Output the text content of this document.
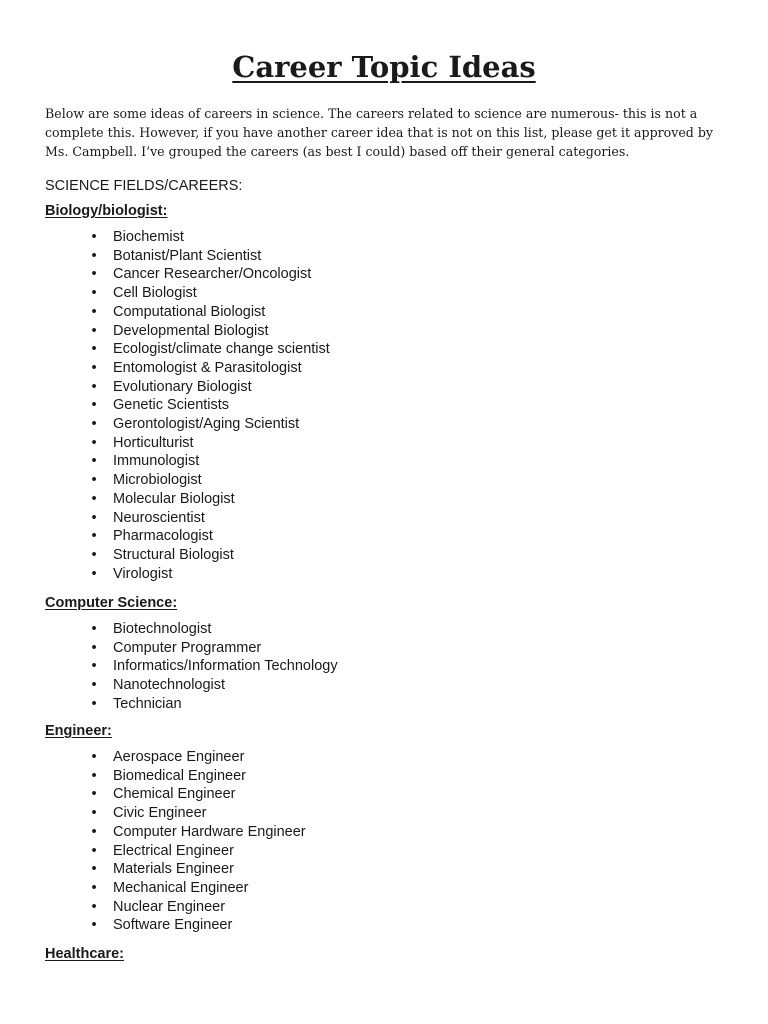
Career Topic Ideas

Below are some ideas of careers in science. The careers related to science are numerous- this is not a
complete this. However, if you have another career idea that is not on this list, please get it approved by
Ms. Campbell. I’ve grouped the careers (as best I could) based off their general categories.

SCIENCE FIELDS/CAREERS:

Biology/biologist:

• Biochemist
• Botanist/Plant Scientist
• Cancer Researcher/Oncologist
• Cell Biologist
• Computational Biologist
• Developmental Biologist
• Ecologist/climate change scientist
• Entomologist & Parasitologist
• Evolutionary Biologist
• Genetic Scientists
• Gerontologist/Aging Scientist
• Horticulturist
• Immunologist
• Microbiologist
• Molecular Biologist
• Neuroscientist
• Pharmacologist
• Structural Biologist
• Virologist

Computer Science:

• Biotechnologist
• Computer Programmer
• Informatics/Information Technology
• Nanotechnologist
• Technician

Engineer:

• Aerospace Engineer
• Biomedical Engineer
• Chemical Engineer
• Civic Engineer
• Computer Hardware Engineer
• Electrical Engineer
• Materials Engineer
• Mechanical Engineer
• Nuclear Engineer
• Software Engineer

Healthcare:
